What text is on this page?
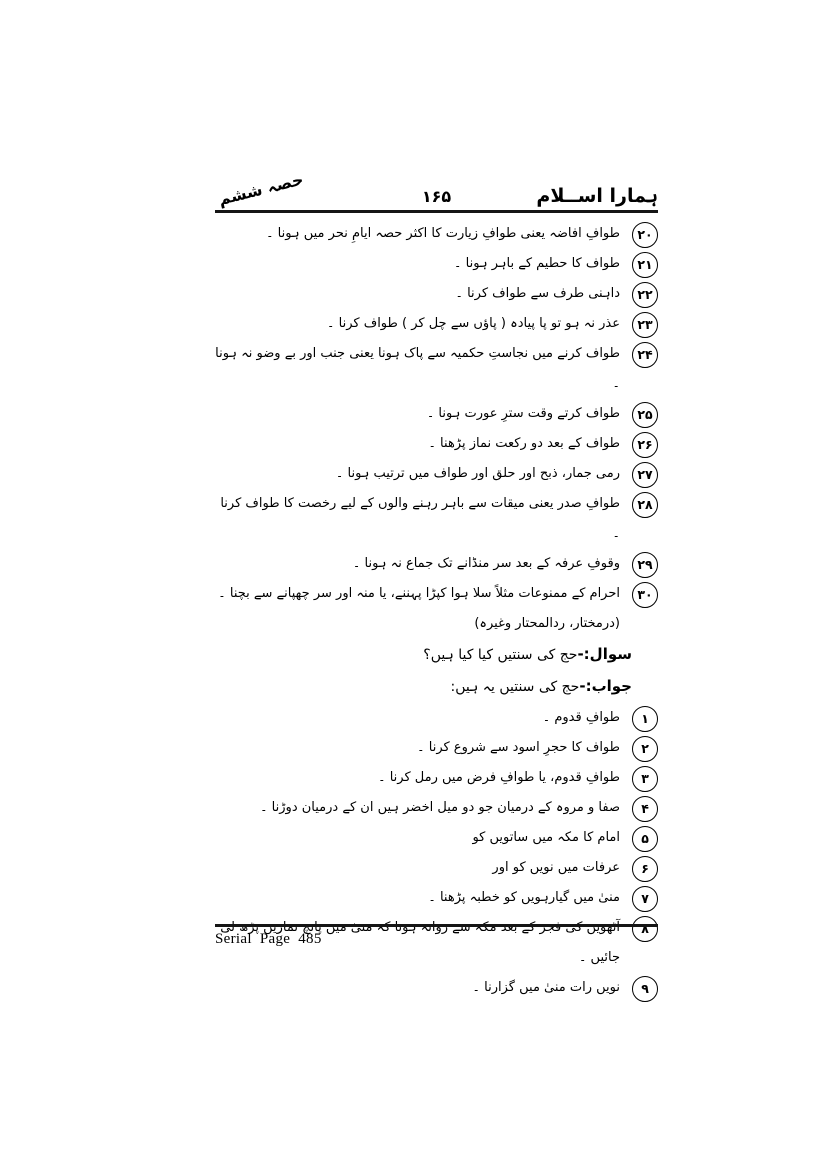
حصہ ششم	۱۶۵	ہمارا اســلام
۲۰
طوافِ افاضہ یعنی طوافِ زیارت کا اکثر حصہ ایامِ نحر میں ہونا ۔
۲۱
طواف کا حطیم کے باہر ہونا ۔
۲۲
داہنی طرف سے طواف کرنا ۔
۲۳
عذر نہ ہو تو پا پیادہ ( پاؤں سے چل کر ) طواف کرنا ۔
۲۴
طواف کرنے میں نجاستِ حکمیہ سے پاک ہونا یعنی جنب اور بے وضو نہ ہونا ۔
۲۵
طواف کرتے وقت سترِ عورت ہونا ۔
۲۶
طواف کے بعد دو رکعت نماز پڑھنا ۔
۲۷
رمی جمار، ذبح اور حلق اور طواف میں ترتیب ہونا ۔
۲۸
طوافِ صدر یعنی میقات سے باہر رہنے والوں کے لیے رخصت کا طواف کرنا ۔
۲۹
وقوفِ عرفہ کے بعد سر منڈانے تک جماع نہ ہونا ۔
۳۰
احرام کے ممنوعات مثلاً سلا ہوا کپڑا پہننے، یا منہ اور سر چھپانے سے بچنا ۔ (درمختار، ردالمحتار وغیرہ)

سوال:-حج کی سنتیں کیا کیا ہیں؟

جواب:-حج کی سنتیں یہ ہیں:

۱
طوافِ قدوم ۔
۲
طواف کا حجرِ اسود سے شروع کرنا ۔
۳
طوافِ قدوم، یا طوافِ فرض میں رمل کرنا ۔
۴
صفا و مروہ کے درمیان جو دو میل اخضر ہیں ان کے درمیان دوڑنا ۔
۵
امام کا مکہ میں ساتویں کو
۶
عرفات میں نویں کو اور
۷
منیٰ میں گیارہویں کو خطبہ پڑھنا ۔
۸
آٹھویں کی فجر کے بعد مکہ سے روانہ ہونا کہ منیٰ میں پانچ نمازیں پڑھ لی جائیں ۔
۹
نویں رات منیٰ میں گزارنا ۔
Serial Page 485
